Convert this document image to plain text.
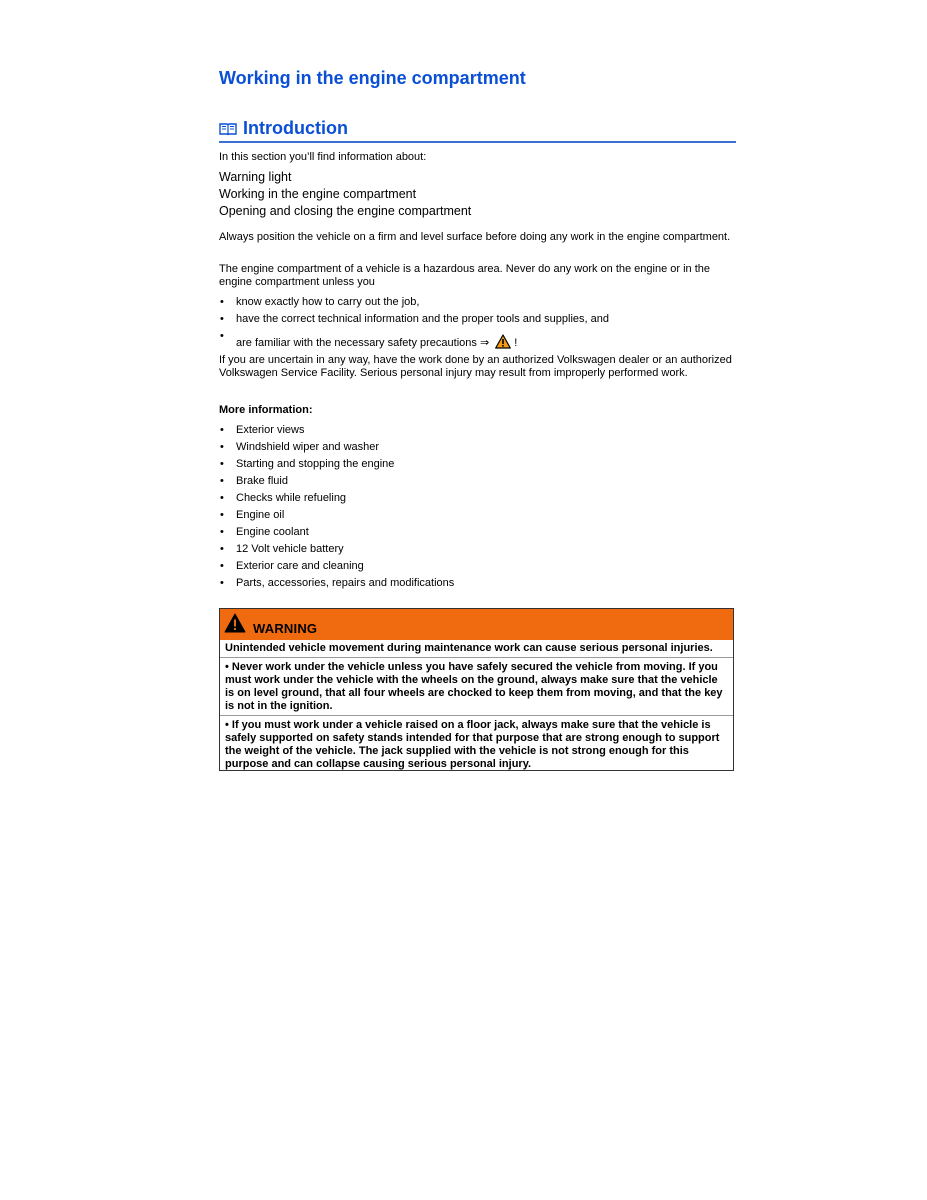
Working in the engine compartment
Introduction
In this section you’ll find information about:
Warning light
Working in the engine compartment
Opening and closing the engine compartment

Always position the vehicle on a firm and level surface before doing any work in the engine compartment.

The engine compartment of a vehicle is a hazardous area. Never do any work on the engine or in the engine compartment unless you

• know exactly how to carry out the job,
• have the correct technical information and the proper tools and supplies, and
• are familiar with the necessary safety precautions ⇒  !

If you are uncertain in any way, have the work done by an authorized Volkswagen dealer or an authorized Volkswagen Service Facility. Serious personal injury may result from improperly performed work.

More information:
• Exterior views
• Windshield wiper and washer
• Starting and stopping the engine
• Brake fluid
• Checks while refueling
• Engine oil
• Engine coolant
• 12 Volt vehicle battery
• Exterior care and cleaning
• Parts, accessories, repairs and modifications
WARNING

Unintended vehicle movement during maintenance work can cause serious personal injuries.

• Never work under the vehicle unless you have safely secured the vehicle from moving. If you must work under the vehicle with the wheels on the ground, always make sure that the vehicle is on level ground, that all four wheels are chocked to keep them from moving, and that the key is not in the ignition.

• If you must work under a vehicle raised on a floor jack, always make sure that the vehicle is safely supported on safety stands intended for that purpose that are strong enough to support the weight of the vehicle. The jack supplied with the vehicle is not strong enough for this purpose and can collapse causing serious personal injury.
